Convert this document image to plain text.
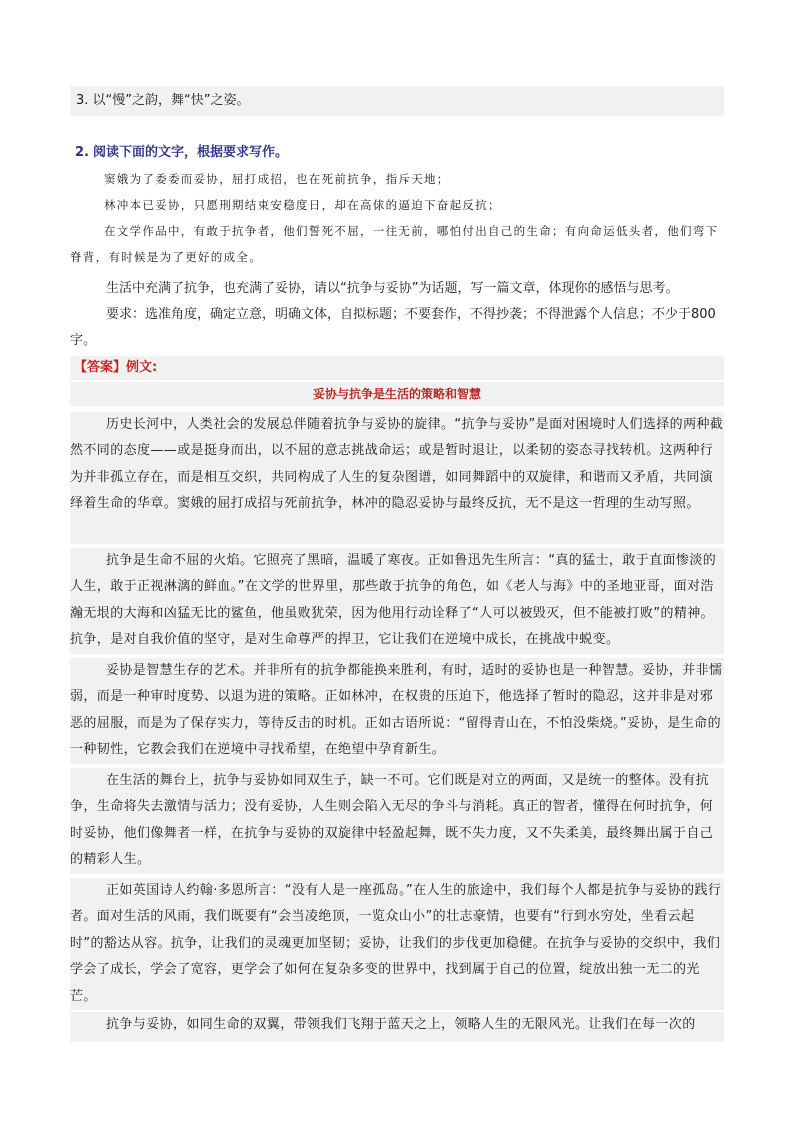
3. 以“慢”之韵，舞“快”之姿。
2. 阅读下面的文字，根据要求写作。
窦娥为了委委而妥协，屈打成招，也在死前抗争，指斥天地；
林冲本已妥协，只愿刑期结束安稳度日，却在高俅的逼迫下奋起反抗；
在文学作品中，有敢于抗争者，他们誓死不屈，一往无前，哪怕付出自己的生命；有向命运低头者，他们弯下脊背，有时候是为了更好的成全。
生活中充满了抗争，也充满了妥协，请以“抗争与妥协”为话题，写一篇文章，体现你的感悟与思考。
要求：选准角度，确定立意，明确文体，自拟标题；不要套作，不得抄袭；不得泄露个人信息；不少于800字。
【答案】例文:
妥协与抗争是生活的策略和智慧
历史长河中，人类社会的发展总伴随着抗争与妥协的旋律。“抗争与妥协”是面对困境时人们选择的两种截然不同的态度——或是挺身而出，以不屈的意志挑战命运；或是暂时退让，以柔韧的姿态寻找转机。这两种行为并非孤立存在，而是相互交织，共同构成了人生的复杂图谱，如同舞蹈中的双旋律，和谐而又矛盾，共同演绎着生命的华章。窦娥的屈打成招与死前抗争，林冲的隐忍妥协与最终反抗，无不是这一哲理的生动写照。
抗争是生命不屈的火焰。它照亮了黑暗，温暖了寒夜。正如鲁迅先生所言：“真的猛士，敢于直面惨淡的人生，敢于正视淋漓的鲜血。”在文学的世界里，那些敢于抗争的角色，如《老人与海》中的圣地亚哥，面对浩瀚无垠的大海和凶猛无比的鲨鱼，他虽败犹荣，因为他用行动诠释了“人可以被毁灭，但不能被打败”的精神。抗争，是对自我价值的坚守，是对生命尊严的捍卫，它让我们在逆境中成长，在挑战中蜕变。
妥协是智慧生存的艺术。并非所有的抗争都能换来胜利，有时，适时的妥协也是一种智慧。妥协，并非懦弱，而是一种审时度势、以退为进的策略。正如林冲，在权贵的压迫下，他选择了暂时的隐忍，这并非是对邪恶的屈服，而是为了保存实力，等待反击的时机。正如古语所说：“留得青山在，不怕没柴烧。”妥协，是生命的一种韧性，它教会我们在逆境中寻找希望，在绝望中孕育新生。
在生活的舞台上，抗争与妥协如同双生子，缺一不可。它们既是对立的两面，又是统一的整体。没有抗争，生命将失去激情与活力；没有妥协，人生则会陷入无尽的争斗与消耗。真正的智者，懂得在何时抗争，何时妥协，他们像舞者一样，在抗争与妥协的双旋律中轻盈起舞，既不失力度，又不失柔美，最终舞出属于自己的精彩人生。
正如英国诗人约翰·多恩所言：“没有人是一座孤岛。”在人生的旅途中，我们每个人都是抗争与妥协的践行者。面对生活的风雨，我们既要有“会当凌绝顶，一览众山小”的壮志豪情，也要有“行到水穷处，坐看云起时”的豁达从容。抗争，让我们的灵魂更加坚韧；妥协，让我们的步伐更加稳健。在抗争与妥协的交织中，我们学会了成长，学会了宽容，更学会了如何在复杂多变的世界中，找到属于自己的位置，绽放出独一无二的光芒。
抗争与妥协，如同生命的双翼，带领我们飞翔于蓝天之上，领略人生的无限风光。让我们在每一次的
